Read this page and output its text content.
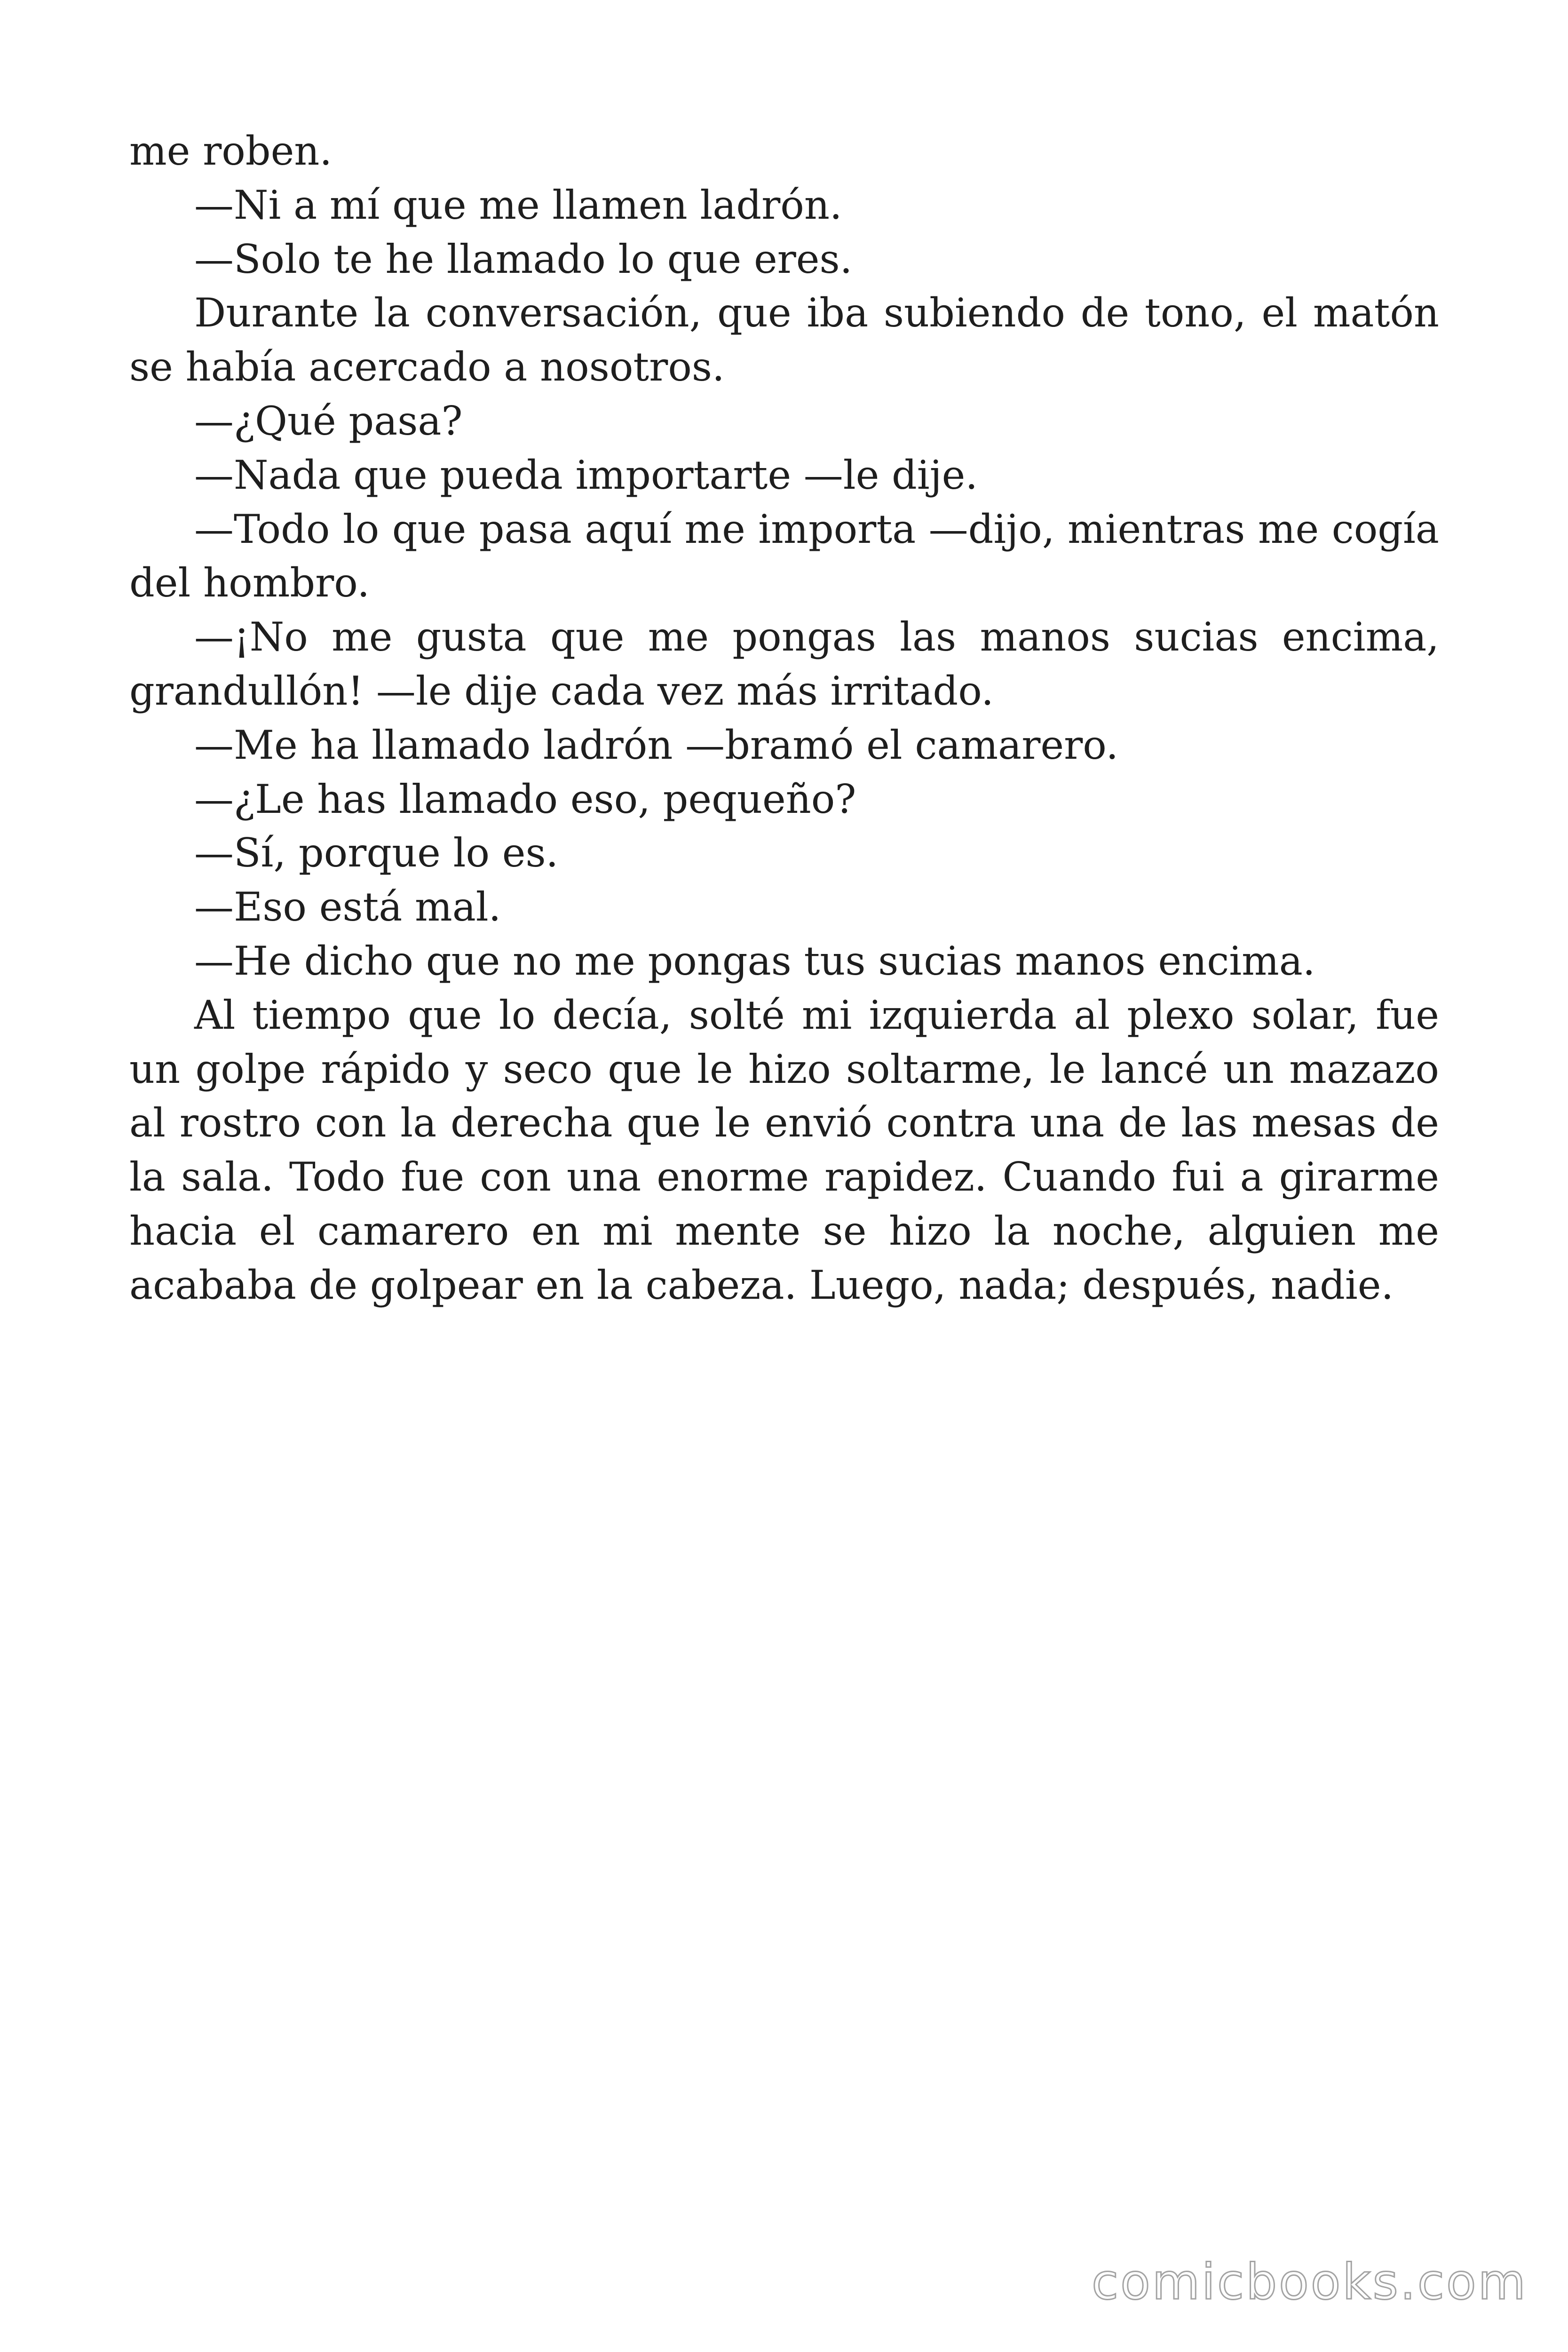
me roben.

—Ni a mí que me llamen ladrón.

—Solo te he llamado lo que eres.

Durante la conversación, que iba subiendo de tono, el matón se había acercado a nosotros.

—¿Qué pasa?

—Nada que pueda importarte —le dije.

—Todo lo que pasa aquí me importa —dijo, mientras me cogía del hombro.

—¡No me gusta que me pongas las manos sucias encima, grandullón! —le dije cada vez más irritado.

—Me ha llamado ladrón —bramó el camarero.

—¿Le has llamado eso, pequeño?

—Sí, porque lo es.

—Eso está mal.

—He dicho que no me pongas tus sucias manos encima.

Al tiempo que lo decía, solté mi izquierda al plexo solar, fue un golpe rápido y seco que le hizo soltarme, le lancé un mazazo al rostro con la derecha que le envió contra una de las mesas de la sala. Todo fue con una enorme rapidez. Cuando fui a girarme hacia el camarero en mi mente se hizo la noche, alguien me acababa de golpear en la cabeza. Luego, nada; después, nadie.

comicbooks.com
